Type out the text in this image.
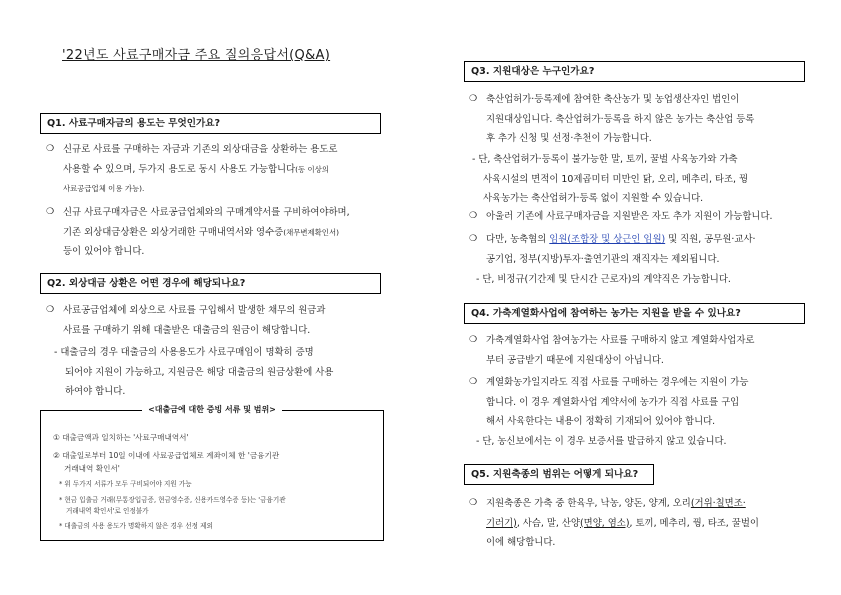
'22년도 사료구매자금 주요 질의응답서(Q&A)
Q1. 사료구매자금의 용도는 무엇인가요?
❍ 신규로 사료를 구매하는 자금과 기존의 외상대금을 상환하는 용도로
사용할 수 있으며, 두가지 용도로 동시 사용도 가능합니다(동 이상의
사료공급업체 이용 가능).
❍ 신규 사료구매자금은 사료공급업체와의 구매계약서를 구비하여야하며,
기존 외상대금상환은 외상거래한 구매내역서와 영수증(채무변제확인서)
등이 있어야 합니다.
Q2. 외상대금 상환은 어떤 경우에 해당되나요?
❍ 사료공급업체에 외상으로 사료를 구입해서 발생한 채무의 원금과
사료를 구매하기 위해 대출받은 대출금의 원금이 해당합니다.
- 대출금의 경우 대출금의 사용용도가 사료구매임이 명확히 증명
되어야 지원이 가능하고, 지원금은 해당 대출금의 원금상환에 사용
하여야 합니다.
<대출금에 대한 증빙 서류 및 범위>
① 대출금액과 일치하는 '사료구매내역서'
② 대출일로부터 10일 이내에 사료공급업체로 계좌이체 한 '금융기관
거래내역 확인서'
* 위 두가지 서류가 모두 구비되어야 지원 가능
* 현금 입출금 거래(무통장입금증, 현금영수증, 신용카드영수증 등)는 '금융기관
거래내역 확인서'로 인정불가
* 대출금의 사용 용도가 명확하지 않은 경우 선정 제외
Q3. 지원대상은 누구인가요?
❍ 축산업허가·등록제에 참여한 축산농가 및 농업생산자인 법인이
지원대상입니다. 축산업허가·등록을 하지 않은 농가는 축산업 등록
후 추가 신청 및 선정·추천이 가능합니다.
- 단, 축산업허가·등록이 불가능한 말, 토끼, 꿀벌 사육농가와 가축
사육시설의 면적이 10제곱미터 미만인 닭, 오리, 메추리, 타조, 꿩
사육농가는 축산업허가·등록 없이 지원할 수 있습니다.
❍ 아울러 기존에 사료구매자금을 지원받은 자도 추가 지원이 가능합니다.
❍ 다만, 농축협의 임원(조합장 및 상근인 임원) 및 직원, 공무원·교사·
공기업, 정부(지방)투자·출연기관의 재직자는 제외됩니다.
- 단, 비정규(기간제 및 단시간 근로자)의 계약직은 가능합니다.
Q4. 가축계열화사업에 참여하는 농가는 지원을 받을 수 있나요?
❍ 가축계열화사업 참여농가는 사료를 구매하지 않고 계열화사업자로
부터 공급받기 때문에 지원대상이 아닙니다.
❍ 계열화농가일지라도 직접 사료를 구매하는 경우에는 지원이 가능
합니다. 이 경우 계열화사업 계약서에 농가가 직접 사료를 구입
해서 사육한다는 내용이 정확히 기재되어 있어야 합니다.
- 단, 농신보에서는 이 경우 보증서를 발급하지 않고 있습니다.
Q5. 지원축종의 범위는 어떻게 되나요?
❍ 지원축종은 가축 중 한육우, 낙농, 양돈, 양계, 오리(거위·칠면조·
기러기), 사슴, 말, 산양(면양, 염소), 토끼, 메추리, 꿩, 타조, 꿀벌이
이에 해당합니다.
